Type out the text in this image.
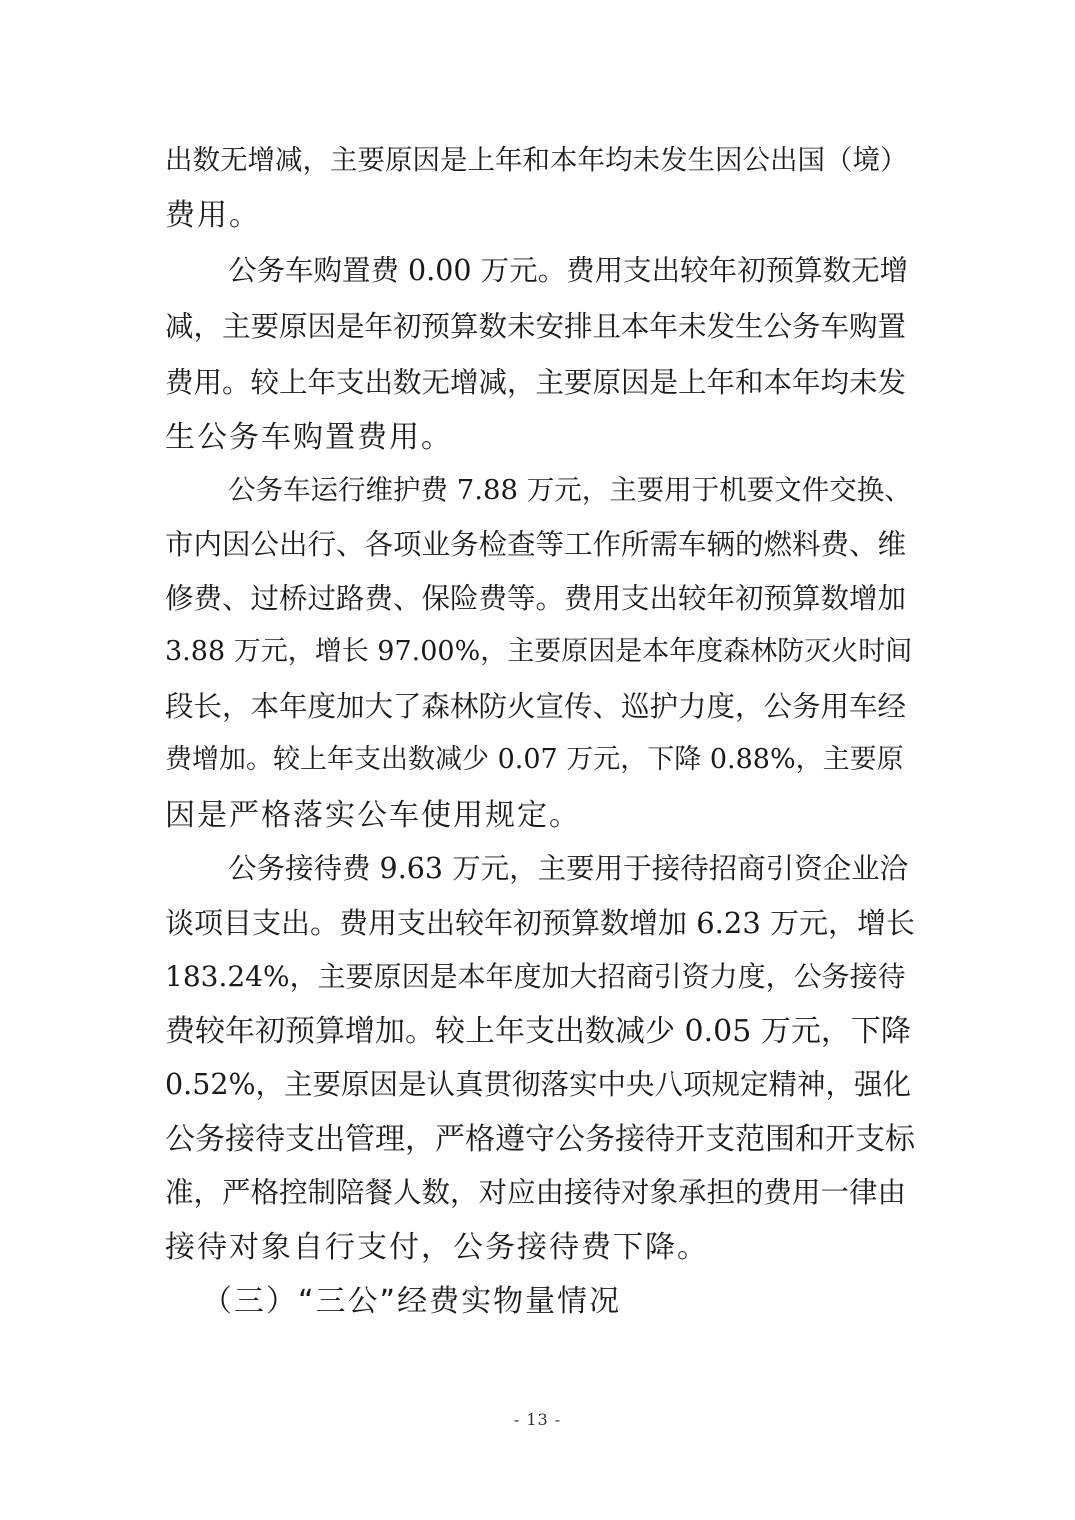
出数无增减，主要原因是上年和本年均未发生因公出国（境）
费用。
公务车购置费 0.00 万元。费用支出较年初预算数无增
减，主要原因是年初预算数未安排且本年未发生公务车购置
费用。较上年支出数无增减，主要原因是上年和本年均未发
生公务车购置费用。
公务车运行维护费 7.88 万元，主要用于机要文件交换、
市内因公出行、各项业务检查等工作所需车辆的燃料费、维
修费、过桥过路费、保险费等。费用支出较年初预算数增加
3.88 万元，增长 97.00%，主要原因是本年度森林防灭火时间
段长，本年度加大了森林防火宣传、巡护力度，公务用车经
费增加。较上年支出数减少 0.07 万元，下降 0.88%，主要原
因是严格落实公车使用规定。
公务接待费 9.63 万元，主要用于接待招商引资企业洽
谈项目支出。费用支出较年初预算数增加 6.23 万元，增长
183.24%，主要原因是本年度加大招商引资力度，公务接待
费较年初预算增加。较上年支出数减少 0.05 万元，下降
0.52%，主要原因是认真贯彻落实中央八项规定精神，强化
公务接待支出管理，严格遵守公务接待开支范围和开支标
准，严格控制陪餐人数，对应由接待对象承担的费用一律由
接待对象自行支付，公务接待费下降。
（三）“三公”经费实物量情况
- 13 -
